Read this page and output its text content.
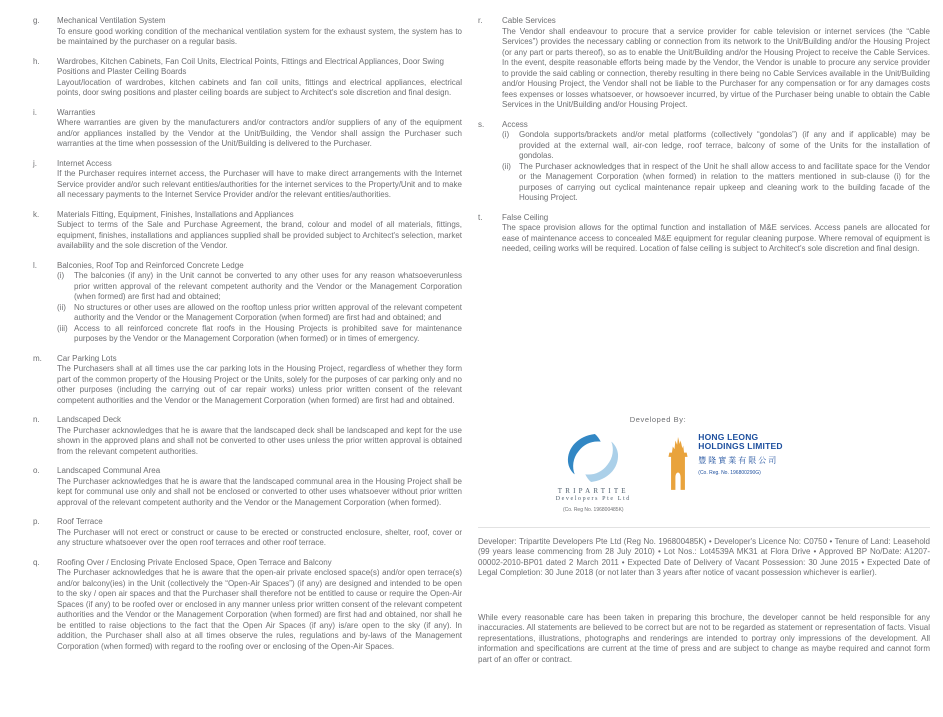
g.	Mechanical Ventilation System
To ensure good working condition of the mechanical ventilation system for the exhaust system, the system has to be maintained by the purchaser on a regular basis.
h.	Wardrobes, Kitchen Cabinets, Fan Coil Units, Electrical Points, Fittings and Electrical Appliances, Door Swing Positions and Plaster Ceiling Boards
Layout/location of wardrobes, kitchen cabinets and fan coil units, fittings and electrical appliances, electrical points, door swing positions and plaster ceiling boards are subject to Architect's sole discretion and final design.
i.	Warranties
Where warranties are given by the manufacturers and/or contractors and/or suppliers of any of the equipment and/or appliances installed by the Vendor at the Unit/Building, the Vendor shall assign the Purchaser such warranties at the time when possession of the Unit/Building is delivered to the Purchaser.
j.	Internet Access
If the Purchaser requires internet access, the Purchaser will have to make direct arrangements with the Internet Service provider and/or such relevant entities/authorities for the internet services to the Property/Unit and to make all necessary payments to the Internet Service Provider and/or the relevant entities/authorities.
k.	Materials Fitting, Equipment, Finishes, Installations and Appliances
Subject to terms of the Sale and Purchase Agreement, the brand, colour and model of all materials, fittings, equipment, finishes, installations and appliances supplied shall be provided subject to Architect's selection, market availability and the sole discretion of the Vendor.
l.	Balconies, Roof Top and Reinforced Concrete Ledge
(i)	The balconies (if any) in the Unit cannot be converted to any other uses for any reason whatsoeverunless prior written approval of the relevant competent authority and the Vendor or the Management Corporation (when formed) are first had and obtained;
(ii)	No structures or other uses are allowed on the rooftop unless prior written approval of the relevant competent authority and the Vendor or the Management Corporation (when formed) are first had and obtained; and
(iii) Access to all reinforced concrete flat roofs in the Housing Projects is prohibited save for maintenance purposes by the Vendor or the Management Corporation (when formed) or in times of emergency.
m.	Car Parking Lots
The Purchasers shall at all times use the car parking lots in the Housing Project, regardless of whether they form part of the common property of the Housing Project or the Units, solely for the purposes of car parking only and no other purposes (including the carrying out of car repair works) unless prior written consent of the relevant competent authorities and the Vendor or the Management Corporation (when formed) are first had and obtained.
n.	Landscaped Deck
The Purchaser acknowledges that he is aware that the landscaped deck shall be landscaped and kept for the use shown in the approved plans and shall not be converted to other uses unless the prior written approval is obtained from the relevant competent authorities.
o.	Landscaped Communal Area
The Purchaser acknowledges that he is aware that the landscaped communal area in the Housing Project shall be kept for communal use only and shall not be enclosed or converted to other uses whatsoever without prior written approval of the relevant competent authority and the Vendor or the Management Corporation (when formed).
p.	Roof Terrace
The Purchaser will not erect or construct or cause to be erected or constructed enclosure, shelter, roof, cover or any structure whatsoever over the open roof terraces and other roof terrace.
q.	Roofing Over / Enclosing Private Enclosed Space, Open Terrace and Balcony
The Purchaser acknowledges that he is aware that the open-air private enclosed space(s) and/or open terrace(s) and/or balcony(ies) in the Unit (collectively the “Open-Air Spaces”) (if any) are designed and intended to be open to the sky / open air spaces and that the Purchaser shall therefore not be entitled to cause or require the Open-Air Spaces (if any) to be roofed over or enclosed in any manner unless prior written consent of the relevant competent authorities and the Vendor or the Management Corporation (when formed) are first had and obtained, nor shall he be entitled to raise objections to the fact that the Open Air Spaces (if any) is/are open to the sky (if any). In addition, the Purchaser shall also at all times observe the rules, regulations and by-laws of the Management Corporation (when formed) with regard to the roofing over or enclosing of the Open-Air Spaces.
r.	Cable Services
The Vendor shall endeavour to procure that a service provider for cable television or internet services (the “Cable Services”) provides the necessary cabling or connection from its network to the Unit/Building and/or the Housing Project (or any part or parts thereof), so as to enable the Unit/Building and/or the Housing Project to receive the Cable Services. In the event, despite reasonable efforts being made by the Vendor, the Vendor is unable to procure any service provider to provide the said cabling or connection, thereby resulting in there being no Cable Services available in the Unit/Building and/or Housing Project, the Vendor shall not be liable to the Purchaser for any compensation or for any damages costs fees expenses or losses whatsoever, or howsoever incurred, by virtue of the Purchaser being unable to obtain the Cable Services in the Unit/Building and/or Housing Project.
s.	Access
(i)	Gondola supports/brackets and/or metal platforms (collectively “gondolas”) (if any and if applicable) may be provided at the external wall, air-con ledge, roof terrace, balcony of some of the Units for the installation of gondolas.
(ii)	The Purchaser acknowledges that in respect of the Unit he shall allow access to and facilitate space for the Vendor or the Management Corporation (when formed) in relation to the matters mentioned in sub-clause (i) for the purposes of carrying out cyclical maintenance repair upkeep and cleaning work to the building facade of the Housing Project.
t.	False Ceiling
The space provision allows for the optimal function and installation of M&E services. Access panels are allocated for ease of maintenance access to concealed M&E equipment for regular cleaning purpose. Where removal of equipment is needed, ceiling works will be required. Location of false ceiling is subject to Architect's sole discretion and final design.
Developed By:
TRIPARTITE
Developers Pte Ltd
(Co. Reg No. 196800485K)
HONG LEONG
HOLDINGS LIMITED
豐隆實業有限公司
(Co. Reg. No. 196800290G)

Developer: Tripartite Developers Pte Ltd (Reg No. 196800485K) • Developer's Licence No: C0750 • Tenure of Land: Leasehold (99 years lease commencing from 28 July 2010) • Lot Nos.: Lot4539A MK31 at Flora Drive • Approved BP No/Date: A1207-00002-2010-BP01 dated 2 March 2011 • Expected Date of Delivery of Vacant Possession: 30 June 2015 • Expected Date of Legal Completion: 30 June 2018 (or not later than 3 years after notice of vacant possession whichever is earlier).

While every reasonable care has been taken in preparing this brochure, the developer cannot be held responsible for any inaccuracies. All statements are believed to be correct but are not to be regarded as statement or representation of facts. Visual representations, illustrations, photographs and renderings are intended to portray only impressions of the development. All information and specifications are current at the time of press and are subject to change as maybe required and cannot form part of an offer or contract.
